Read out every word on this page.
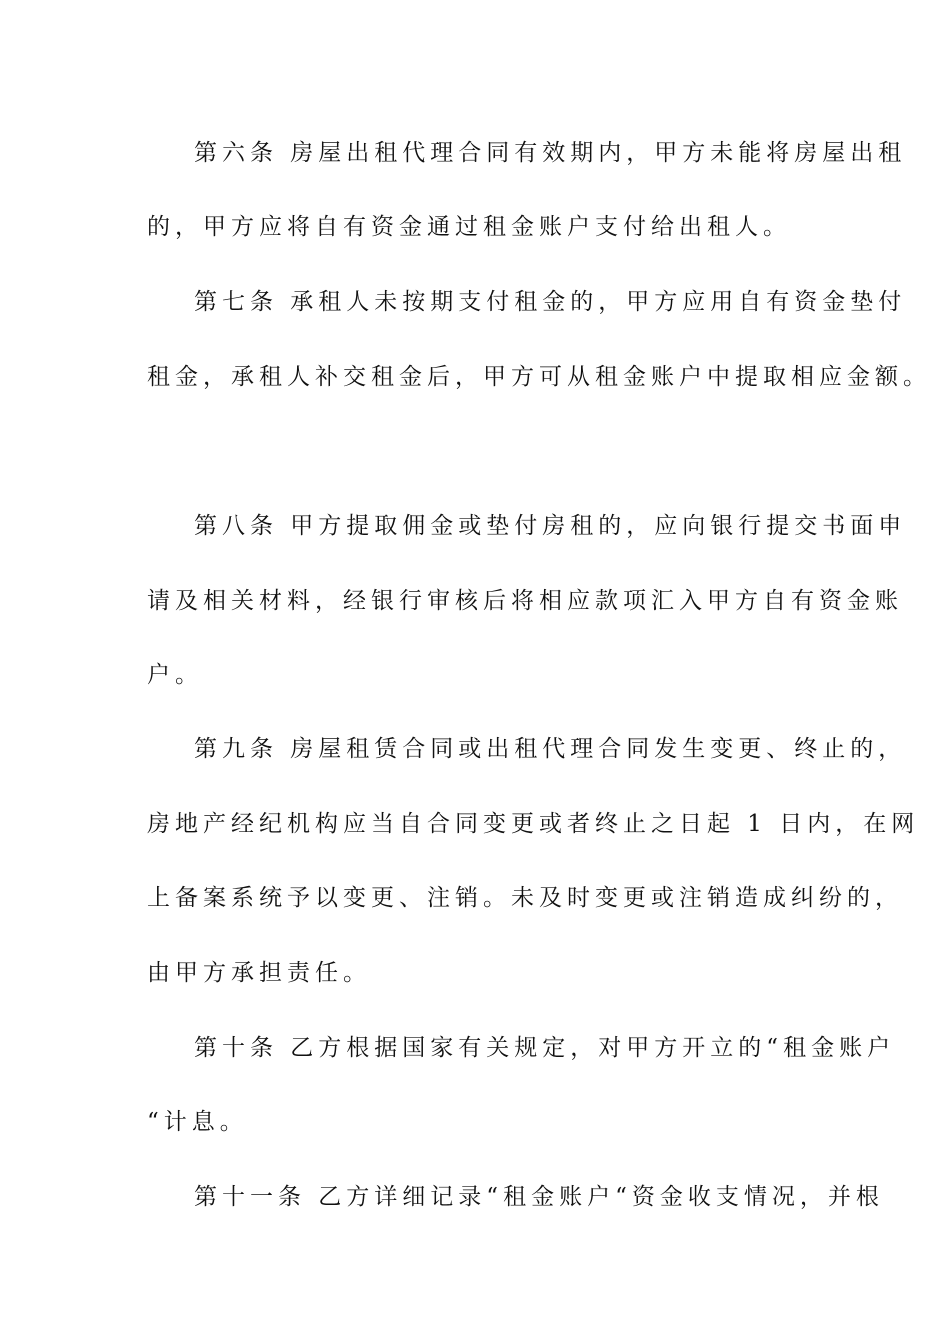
第六条 房屋出租代理合同有效期内，甲方未能将房屋出租
的，甲方应将自有资金通过租金账户支付给出租人。
第七条 承租人未按期支付租金的，甲方应用自有资金垫付
租金，承租人补交租金后，甲方可从租金账户中提取相应金额。
第八条 甲方提取佣金或垫付房租的，应向银行提交书面申
请及相关材料，经银行审核后将相应款项汇入甲方自有资金账
户。
第九条 房屋租赁合同或出租代理合同发生变更、终止的，
房地产经纪机构应当自合同变更或者终止之日起 1 日内，在网
上备案系统予以变更、注销。未及时变更或注销造成纠纷的，
由甲方承担责任。
第十条 乙方根据国家有关规定，对甲方开立的“租金账户
“计息。
第十一条 乙方详细记录“租金账户“资金收支情况，并根
